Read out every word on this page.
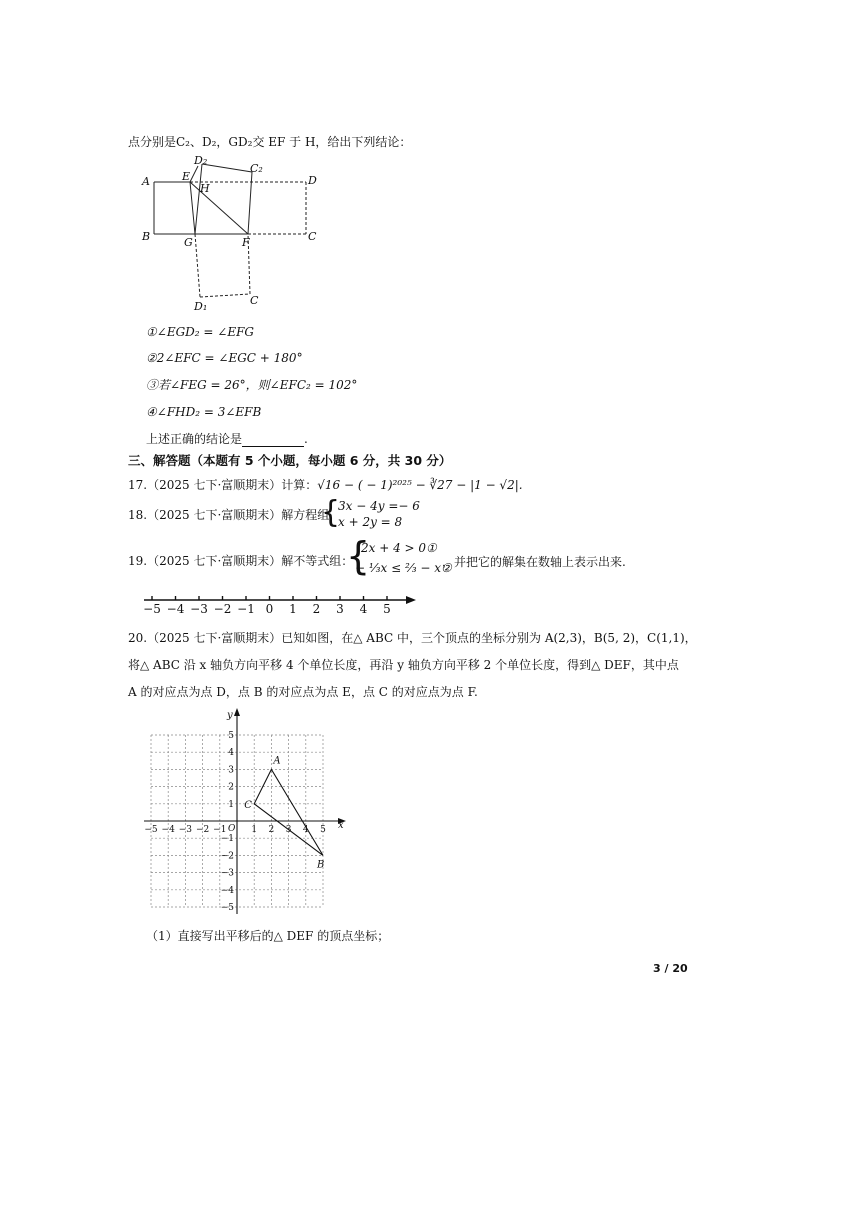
点分别是C₂、D₂，GD₂交 EF 于 H，给出下列结论：
A
B	C
D
E
F
G
H
C₂
D₂
C
D₁
①∠EGD₂ = ∠EFG
②2∠EFC = ∠EGC + 180°
③若∠FEG = 26°，则∠EFC₂ = 102°
④∠FHD₂ = 3∠EFB
上述正确的结论是	.
三、解答题（本题有 5 个小题，每小题 6 分，共 30 分）
17.（2025 七下·富顺期末）计算：√16 − ( − 1)²⁰²⁵ − ∛27 − |1 − √2|.
18.（2025 七下·富顺期末）解方程组
{
3x − 4y =− 6
x + 2y = 8
19.（2025 七下·富顺期末）解不等式组：
{
2x + 4 > 0①
− ⅓x ≤ ⅔ − x②
，并把它的解集在数轴上表示出来.
−5 −4 −3 −2 −1 0 1 2 3 4 5
20.（2025 七下·富顺期末）已知如图，在△ ABC 中，三个顶点的坐标分别为 A(2,3)，B(5, 2)，C(1,1)，
将△ ABC 沿 x 轴负方向平移 4 个单位长度，再沿 y 轴负方向平移 2 个单位长度，得到△ DEF，其中点
A 的对应点为点 D，点 B 的对应点为点 E，点 C 的对应点为点 F.
−5 −4 −3 −2 −1	1 2 3 4 5
5
4
3
2
1
−1
−2
−3
−4
−5
O	x
y
A
B
C
（1）直接写出平移后的△ DEF 的顶点坐标；
3 / 20
